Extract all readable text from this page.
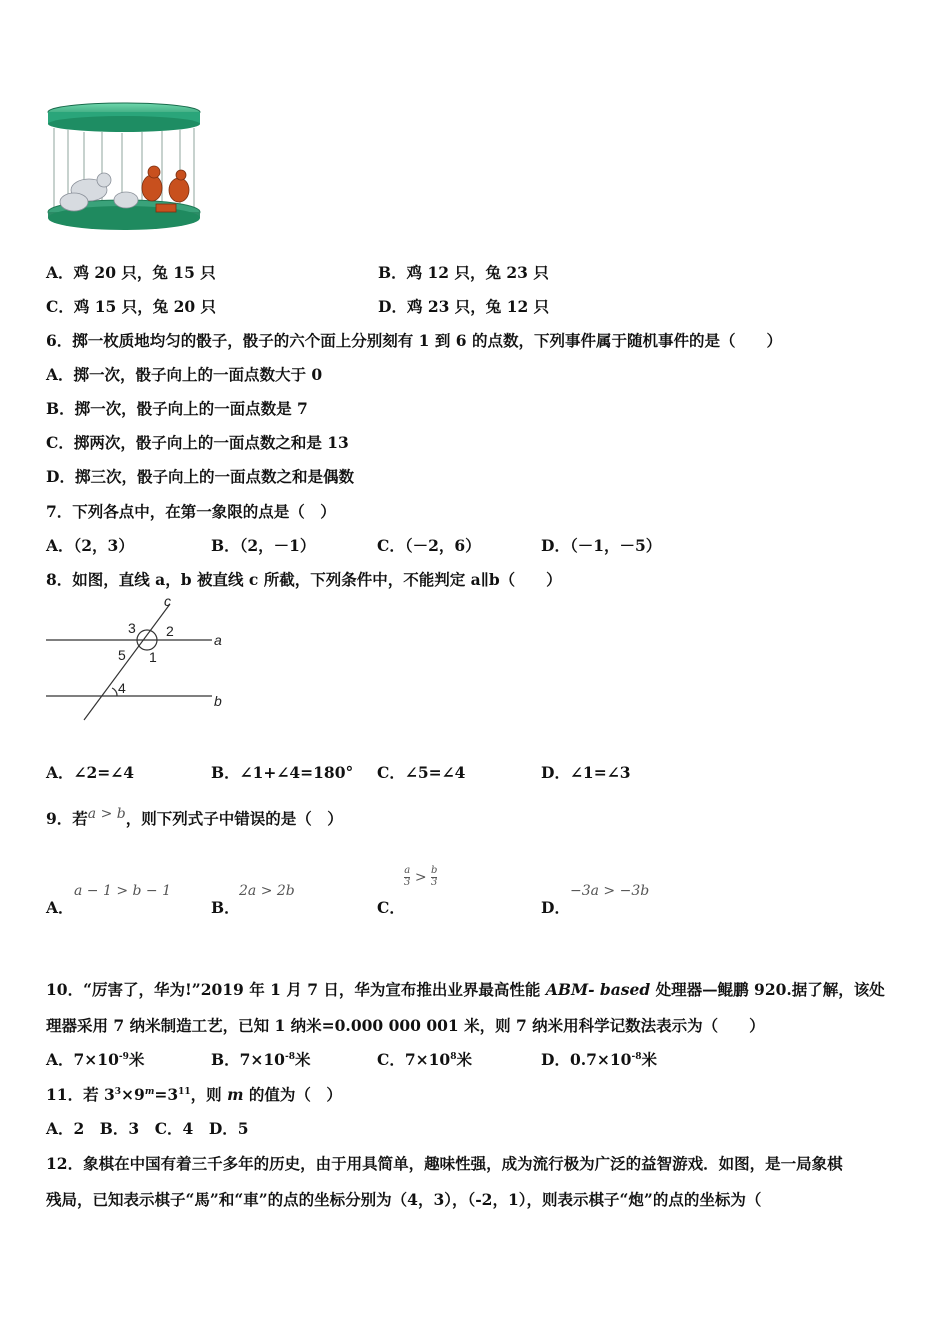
A．鸡 20 只，兔 15 只	B．鸡 12 只，兔 23 只
C．鸡 15 只，兔 20 只	D．鸡 23 只，兔 12 只
6．掷一枚质地均匀的骰子，骰子的六个面上分别刻有 1 到 6 的点数，下列事件属于随机事件的是（　　）
A．掷一次，骰子向上的一面点数大于 0
B．掷一次，骰子向上的一面点数是 7
C．掷两次，骰子向上的一面点数之和是 13
D．掷三次，骰子向上的一面点数之和是偶数
7．下列各点中，在第一象限的点是（　）
A．（2，3）	B．（2，－1）	C．（－2，6）	D．（－1，－5）
8．如图，直线 a，b 被直线 c 所截，下列条件中，不能判定 a∥b（　　）
c
a
b
2
3
1
5
4
A．∠2=∠4	B．∠1+∠4=180° C．∠5=∠4	D．∠1=∠3
9．若a > b，则下列式子中错误的是（　）
A．
a − 1 > b − 1
B．
2a > 2b
C．
$\frac{a}{3} > \frac{b}{3}$
D．
−3a > −3b
10．“厉害了，华为!”2019 年 1 月 7 日，华为宣布推出业界最高性能 ABM- based 处理器—鲲鹏 920.据了解，该处
理器采用 7 纳米制造工艺，已知 1 纳米=0.000 000 001 米，则 7 纳米用科学记数法表示为（　　）
A．$7\times 10^{-9}$米	B．$7\times 10^{-8}$米	C．$7\times 10^8$米	D．$0.7\times 10^{-8}$米
11．若 $3^3\times 9^m=3^{11}$，则 m 的值为（　）
A．2　B．3　C．4　D．5
12．象棋在中国有着三千多年的历史，由于用具简单，趣味性强，成为流行极为广泛的益智游戏．如图，是一局象棋
残局，已知表示棋子“馬”和“車”的点的坐标分别为（4，3），（-2，1），则表示棋子“炮”的点的坐标为（
